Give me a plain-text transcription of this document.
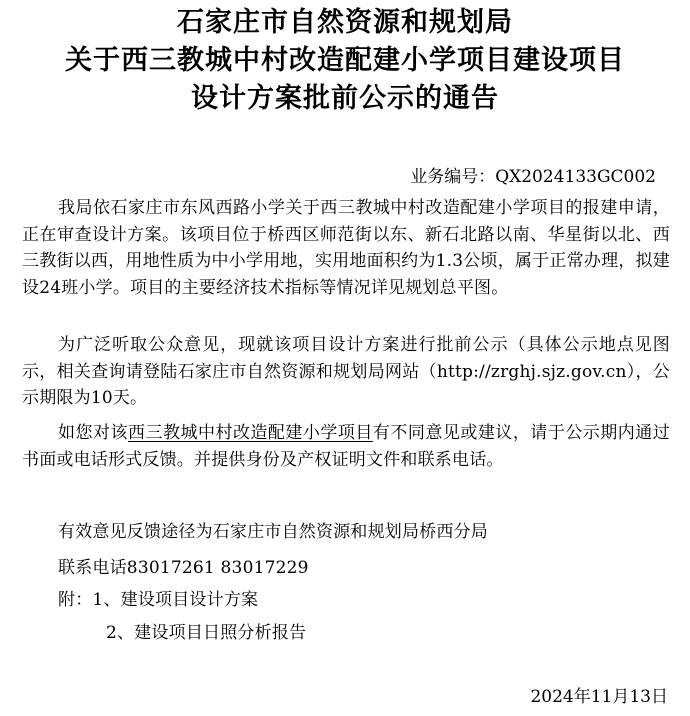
石家庄市自然资源和规划局
关于西三教城中村改造配建小学项目建设项目
设计方案批前公示的通告
业务编号：QX2024133GC002
我局依石家庄市东风西路小学关于西三教城中村改造配建小学项目的报建申请，正在审查设计方案。该项目位于桥西区师范街以东、新石北路以南、华星街以北、西三教街以西，用地性质为中小学用地，实用地面积约为1.3公顷，属于正常办理，拟建设24班小学。项目的主要经济技术指标等情况详见规划总平图。
为广泛听取公众意见，现就该项目设计方案进行批前公示（具体公示地点见图示，相关查询请登陆石家庄市自然资源和规划局网站（http://zrghj.sjz.gov.cn），公示期限为10天。
如您对该西三教城中村改造配建小学项目有不同意见或建议，请于公示期内通过书面或电话形式反馈。并提供身份及产权证明文件和联系电话。
有效意见反馈途径为石家庄市自然资源和规划局桥西分局
联系电话83017261 83017229
附：1、建设项目设计方案
2、建设项目日照分析报告
2024年11月13日
